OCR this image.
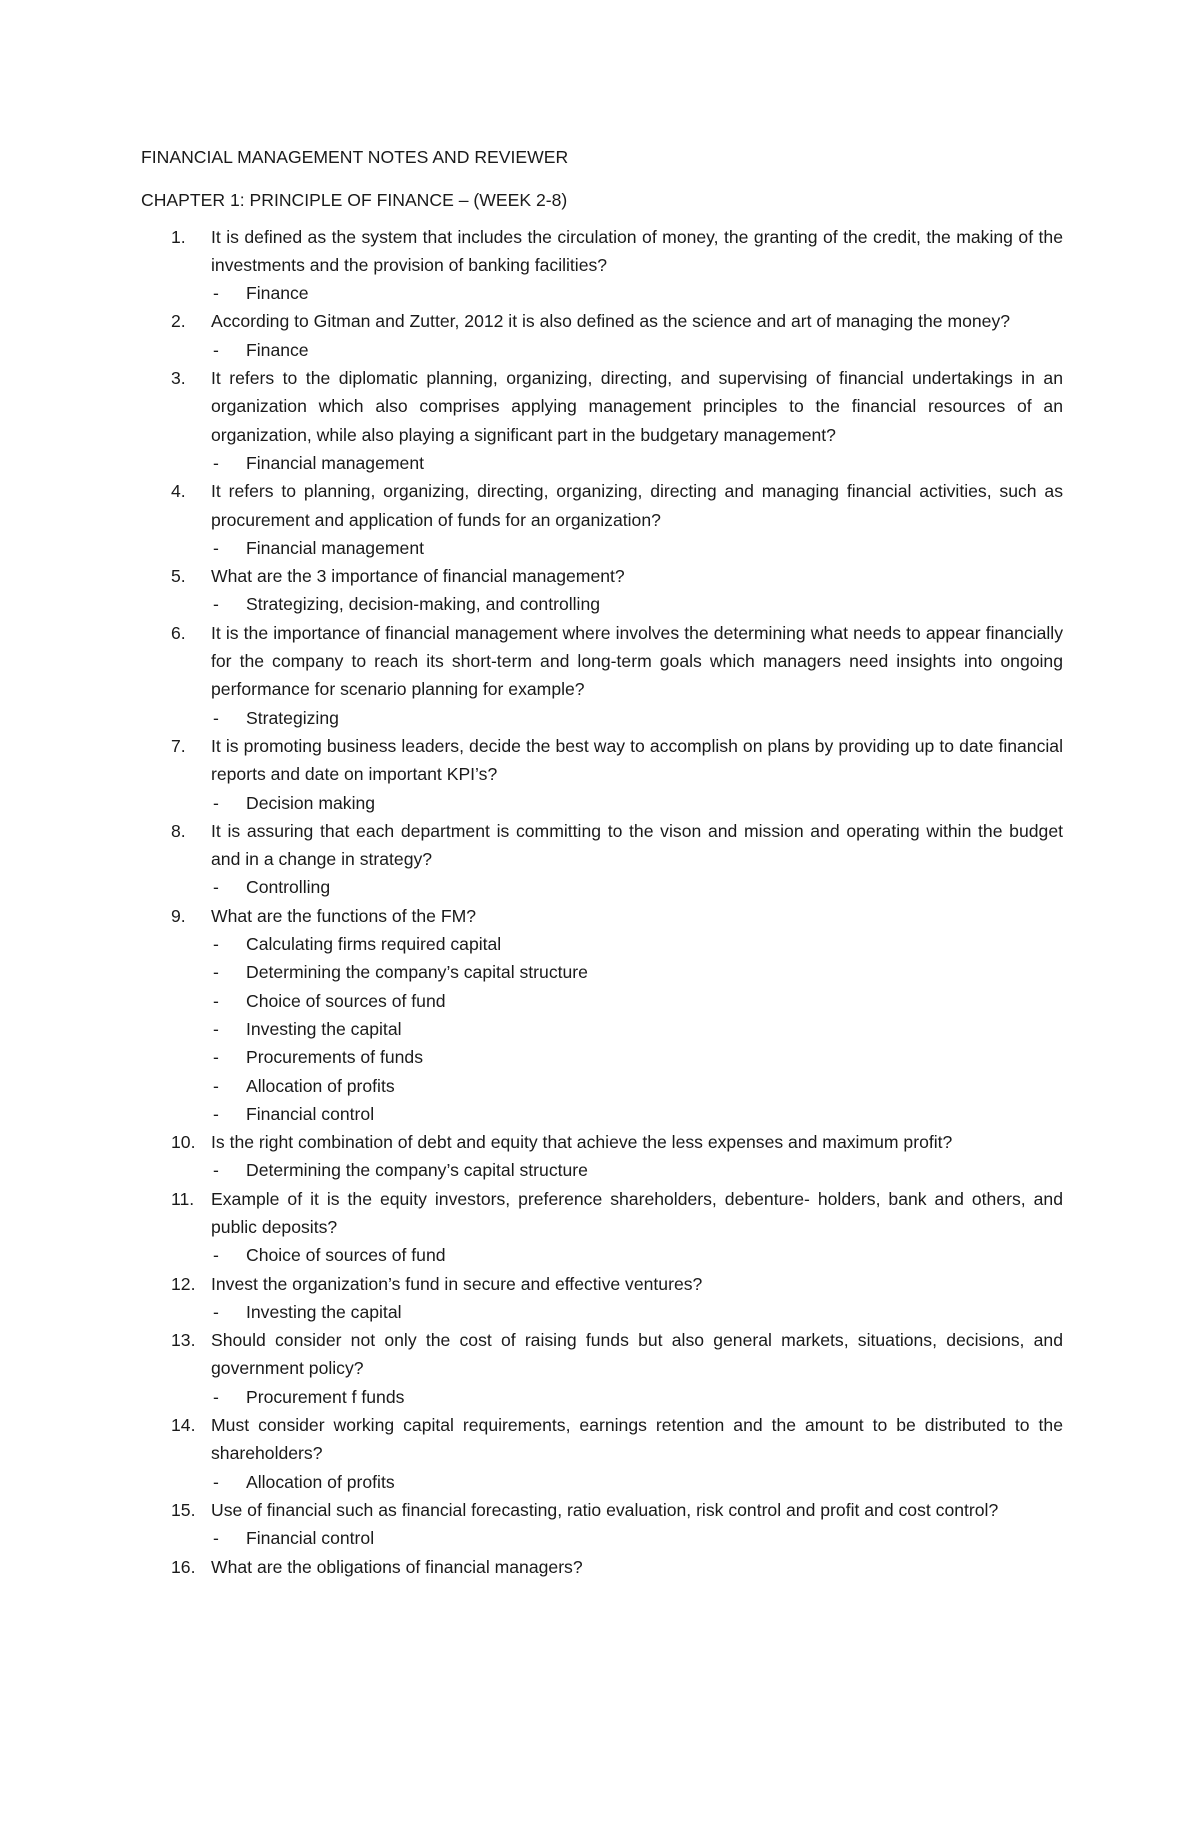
FINANCIAL MANAGEMENT NOTES AND REVIEWER
CHAPTER 1: PRINCIPLE OF FINANCE – (WEEK 2-8)
1. It is defined as the system that includes the circulation of money, the granting of the credit, the making of the investments and the provision of banking facilities?
- Finance
2. According to Gitman and Zutter, 2012 it is also defined as the science and art of managing the money?
- Finance
3. It refers to the diplomatic planning, organizing, directing, and supervising of financial undertakings in an organization which also comprises applying management principles to the financial resources of an organization, while also playing a significant part in the budgetary management?
- Financial management
4. It refers to planning, organizing, directing, organizing, directing and managing financial activities, such as procurement and application of funds for an organization?
- Financial management
5. What are the 3 importance of financial management?
- Strategizing, decision-making, and controlling
6. It is the importance of financial management where involves the determining what needs to appear financially for the company to reach its short-term and long-term goals which managers need insights into ongoing performance for scenario planning for example?
- Strategizing
7. It is promoting business leaders, decide the best way to accomplish on plans by providing up to date financial reports and date on important KPI’s?
- Decision making
8. It is assuring that each department is committing to the vison and mission and operating within the budget and in a change in strategy?
- Controlling
9. What are the functions of the FM?
- Calculating firms required capital
- Determining the company’s capital structure
- Choice of sources of fund
- Investing the capital
- Procurements of funds
- Allocation of profits
- Financial control
10. Is the right combination of debt and equity that achieve the less expenses and maximum profit?
- Determining the company’s capital structure
11. Example of it is the equity investors, preference shareholders, debenture- holders, bank and others, and public deposits?
- Choice of sources of fund
12. Invest the organization’s fund in secure and effective ventures?
- Investing the capital
13. Should consider not only the cost of raising funds but also general markets, situations, decisions, and government policy?
- Procurement f funds
14. Must consider working capital requirements, earnings retention and the amount to be distributed to the shareholders?
- Allocation of profits
15. Use of financial such as financial forecasting, ratio evaluation, risk control and profit and cost control?
- Financial control
16. What are the obligations of financial managers?
